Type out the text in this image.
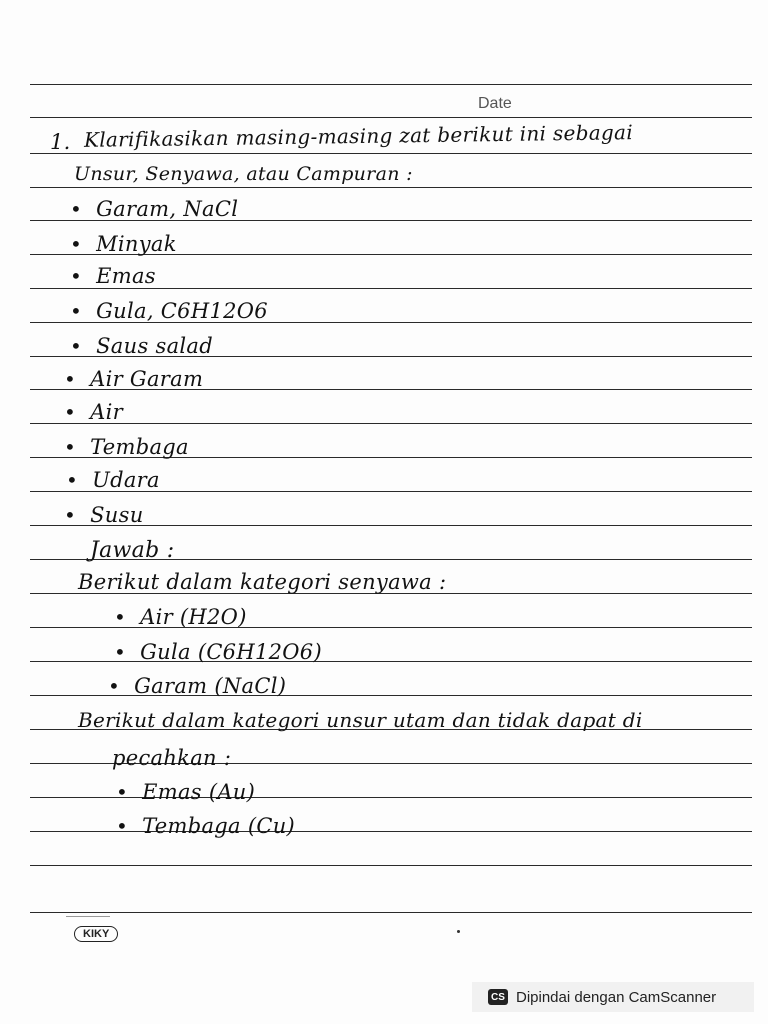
Date
1. Klarifikasikan masing-masing zat berikut ini sebagai
Unsur, Senyawa, atau Campuran :
• Garam, NaCl
• Minyak
• Emas
• Gula, C6H12O6
• Saus salad
• Air Garam
• Air
• Tembaga
• Udara
• Susu
Jawab :
Berikut dalam kategori senyawa :
• Air (H2O)
• Gula (C6H12O6)
• Garam (NaCl)
Berikut dalam kategori unsur utam dan tidak dapat di
pecahkan :
• Emas (Au)
• Tembaga (Cu)
KIKY
CS Dipindai dengan CamScanner
